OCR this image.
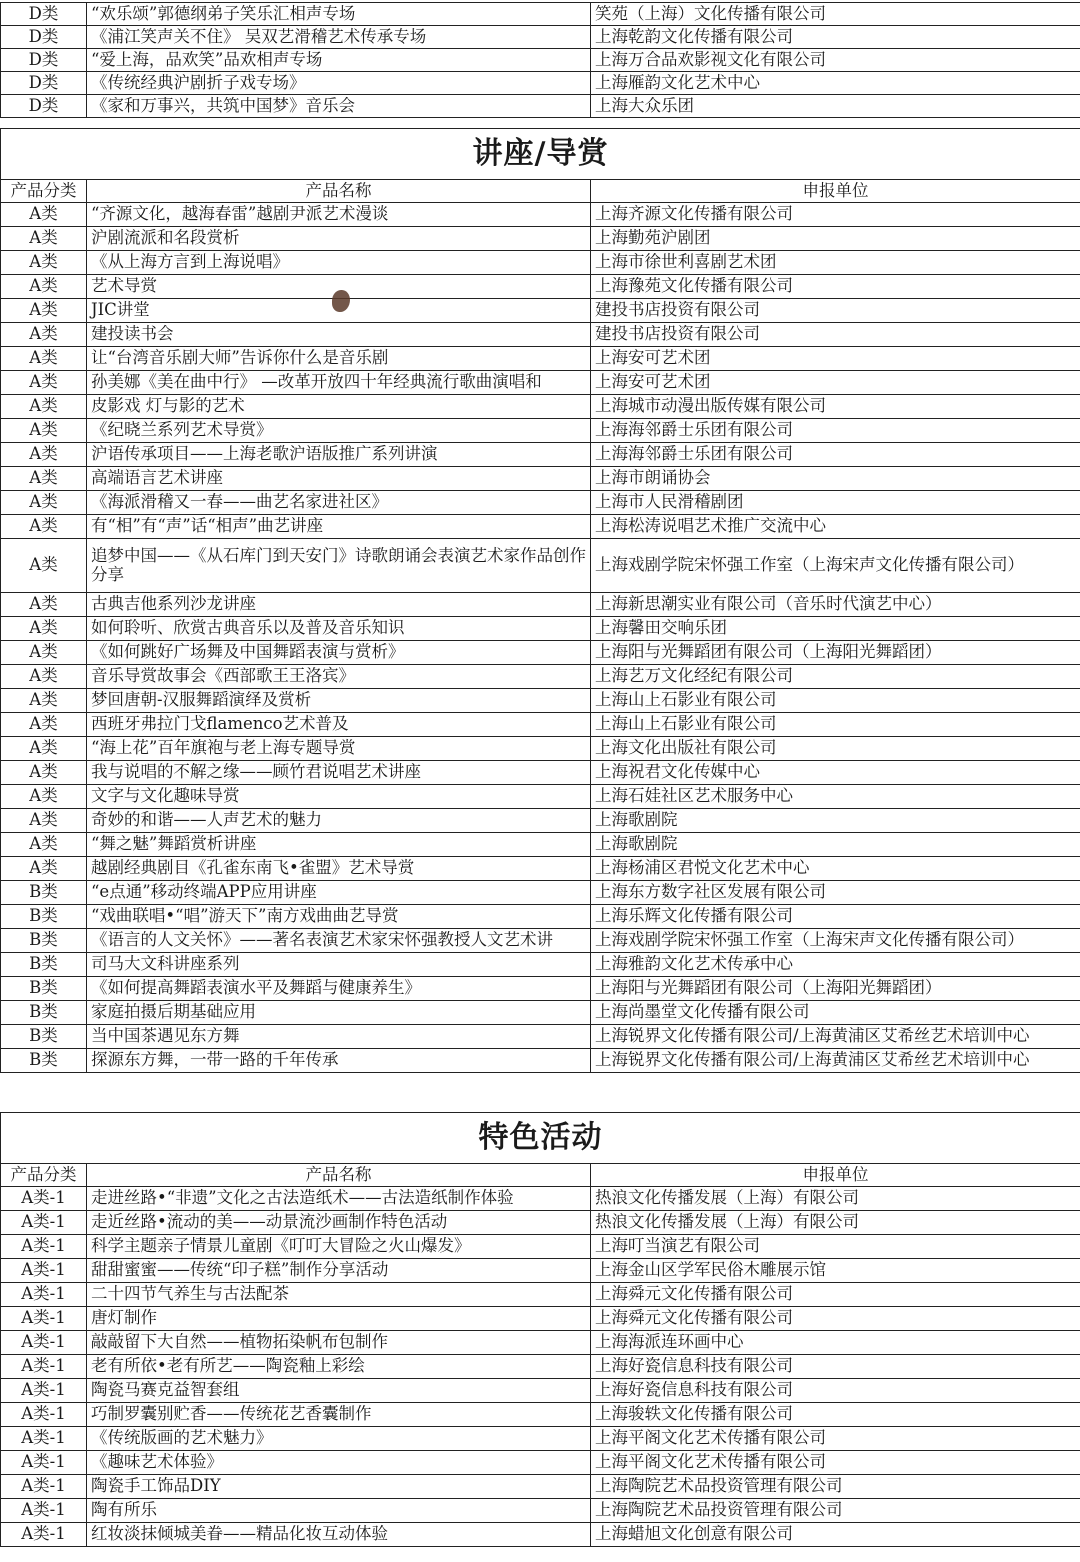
D类	“欢乐颂”郭德纲弟子笑乐汇相声专场	笑苑（上海）文化传播有限公司
D类	《浦江笑声关不住》 吴双艺滑稽艺术传承专场	上海乾韵文化传播有限公司
D类	“爱上海，品欢笑”品欢相声专场	上海万合品欢影视文化有限公司
D类	《传统经典沪剧折子戏专场》	上海雁韵文化艺术中心
D类	《家和万事兴，共筑中国梦》音乐会	上海大众乐团
讲座/导赏		
产品分类	产品名称	申报单位
A类	“齐源文化，越海春雷”越剧尹派艺术漫谈	上海齐源文化传播有限公司
A类	沪剧流派和名段赏析	上海勤苑沪剧团
A类	《从上海方言到上海说唱》	上海市徐世利喜剧艺术团
A类	艺术导赏	上海豫苑文化传播有限公司
A类	JIC讲堂	建投书店投资有限公司
A类	建投读书会	建投书店投资有限公司
A类	让“台湾音乐剧大师”告诉你什么是音乐剧	上海安可艺术团
A类	孙美娜《美在曲中行》 —改革开放四十年经典流行歌曲演唱和	上海安可艺术团
A类	皮影戏 灯与影的艺术	上海城市动漫出版传媒有限公司
A类	《纪晓兰系列艺术导赏》	上海海邻爵士乐团有限公司
A类	沪语传承项目——上海老歌沪语版推广系列讲演	上海海邻爵士乐团有限公司
A类	高端语言艺术讲座	上海市朗诵协会
A类	《海派滑稽又一春——曲艺名家进社区》	上海市人民滑稽剧团
A类	有“相”有“声”话“相声”曲艺讲座	上海松涛说唱艺术推广交流中心
A类	追梦中国——《从石库门到天安门》诗歌朗诵会表演艺术家作品创作分享	上海戏剧学院宋怀强工作室（上海宋声文化传播有限公司）
A类	古典吉他系列沙龙讲座	上海新思潮实业有限公司（音乐时代演艺中心）
A类	如何聆听、欣赏古典音乐以及普及音乐知识	上海馨田交响乐团
A类	《如何跳好广场舞及中国舞蹈表演与赏析》	上海阳与光舞蹈团有限公司（上海阳光舞蹈团）
A类	音乐导赏故事会《西部歌王王洛宾》	上海艺万文化经纪有限公司
A类	梦回唐朝-汉服舞蹈演绎及赏析	上海山上石影业有限公司
A类	西班牙弗拉门戈flamenco艺术普及	上海山上石影业有限公司
A类	“海上花”百年旗袍与老上海专题导赏	上海文化出版社有限公司
A类	我与说唱的不解之缘——顾竹君说唱艺术讲座	上海祝君文化传媒中心
A类	文字与文化趣味导赏	上海石娃社区艺术服务中心
A类	奇妙的和谐——人声艺术的魅力	上海歌剧院
A类	“舞之魅”舞蹈赏析讲座	上海歌剧院
A类	越剧经典剧目《孔雀东南飞•雀盟》艺术导赏	上海杨浦区君悦文化艺术中心
B类	“e点通”移动终端APP应用讲座	上海东方数字社区发展有限公司
B类	“戏曲联唱•“唱”游天下”南方戏曲曲艺导赏	上海乐辉文化传播有限公司
B类	《语言的人文关怀》——著名表演艺术家宋怀强教授人文艺术讲	上海戏剧学院宋怀强工作室（上海宋声文化传播有限公司）
B类	司马大文科讲座系列	上海雅韵文化艺术传承中心
B类	《如何提高舞蹈表演水平及舞蹈与健康养生》	上海阳与光舞蹈团有限公司（上海阳光舞蹈团）
B类	家庭拍摄后期基础应用	上海尚墨堂文化传播有限公司
B类	当中国茶遇见东方舞	上海锐界文化传播有限公司/上海黄浦区艾希丝艺术培训中心
B类	探源东方舞，一带一路的千年传承	上海锐界文化传播有限公司/上海黄浦区艾希丝艺术培训中心
特色活动		
产品分类	产品名称	申报单位
A类-1	走进丝路•“非遗”文化之古法造纸术——古法造纸制作体验	热浪文化传播发展（上海）有限公司
A类-1	走近丝路•流动的美——动景流沙画制作特色活动	热浪文化传播发展（上海）有限公司
A类-1	科学主题亲子情景儿童剧《叮叮大冒险之火山爆发》	上海叮当演艺有限公司
A类-1	甜甜蜜蜜——传统“印子糕”制作分享活动	上海金山区学军民俗木雕展示馆
A类-1	二十四节气养生与古法配茶	上海舜元文化传播有限公司
A类-1	唐灯制作	上海舜元文化传播有限公司
A类-1	敲敲留下大自然——植物拓染帆布包制作	上海海派连环画中心
A类-1	老有所依•老有所艺——陶瓷釉上彩绘	上海好瓷信息科技有限公司
A类-1	陶瓷马赛克益智套组	上海好瓷信息科技有限公司
A类-1	巧制罗囊别贮香——传统花艺香囊制作	上海骏轶文化传播有限公司
A类-1	《传统版画的艺术魅力》	上海平阁文化艺术传播有限公司
A类-1	《趣味艺术体验》	上海平阁文化艺术传播有限公司
A类-1	陶瓷手工饰品DIY	上海陶院艺术品投资管理有限公司
A类-1	陶有所乐	上海陶院艺术品投资管理有限公司
A类-1	红妆淡抹倾城美眷——精品化妆互动体验	上海蜡旭文化创意有限公司
